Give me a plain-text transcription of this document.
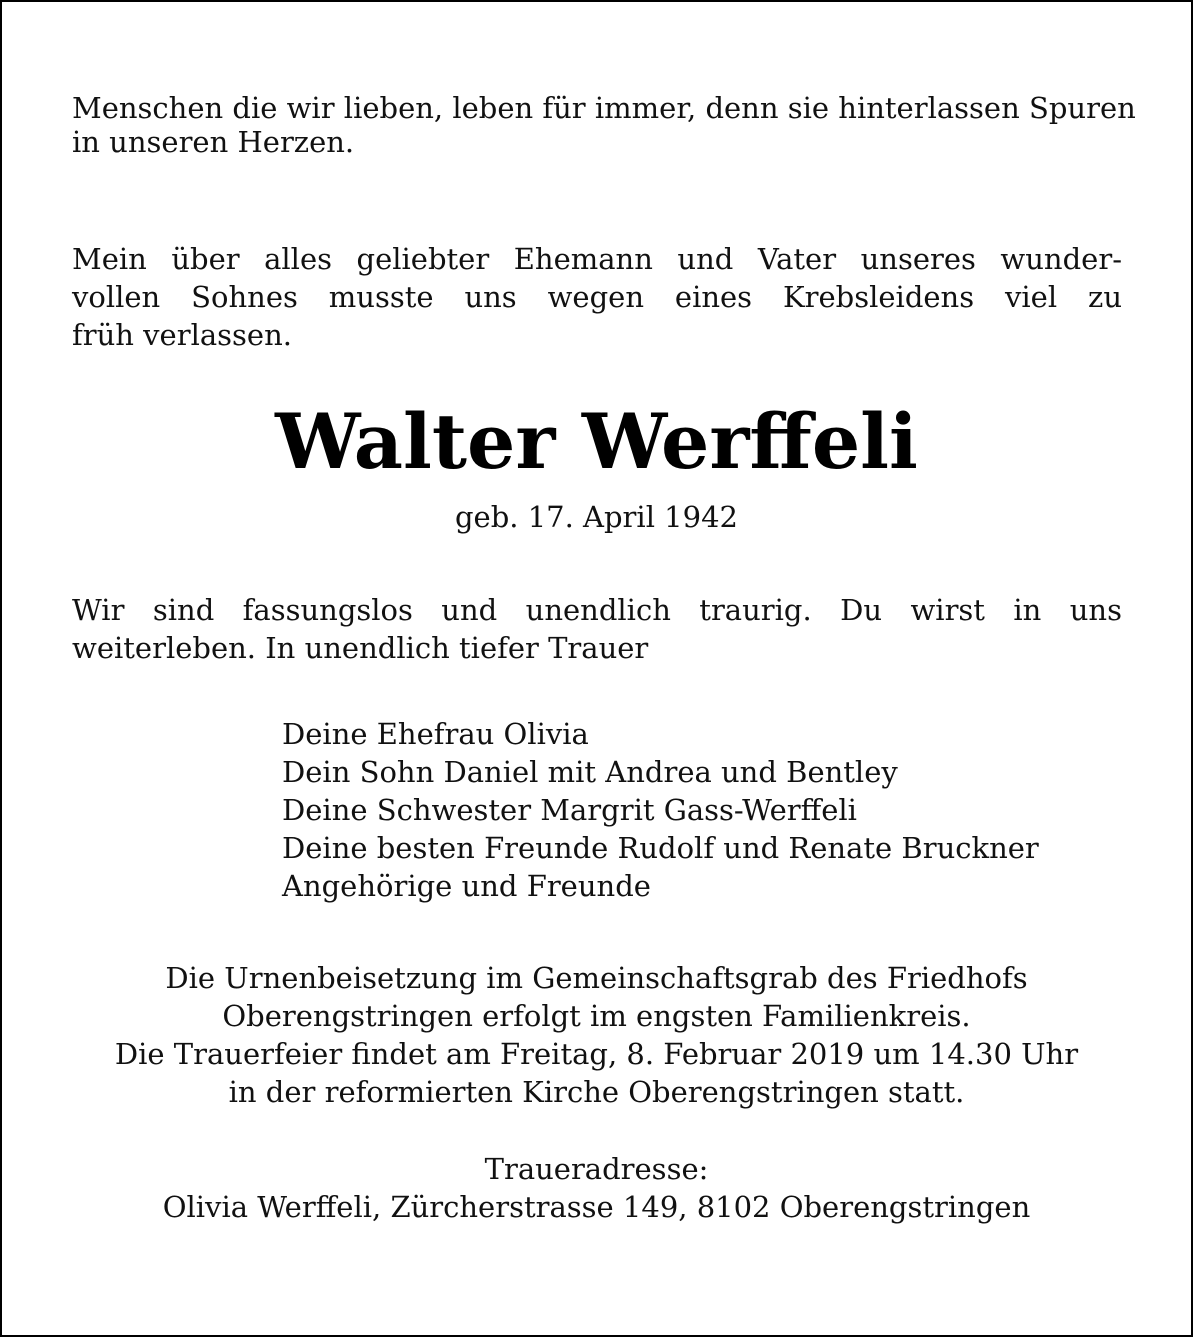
Menschen die wir lieben, leben für immer, denn sie hinterlassen Spuren
in unseren Herzen.

Mein über alles geliebter Ehemann und Vater unseres wunder-
vollen Sohnes musste uns wegen eines Krebsleidens viel zu
früh verlassen.

Walter Werffeli
geb. 17. April 1942

Wir sind fassungslos und unendlich traurig. Du wirst in uns
weiterleben. In unendlich tiefer Trauer

Deine Ehefrau Olivia
Dein Sohn Daniel mit Andrea und Bentley
Deine Schwester Margrit Gass-Werffeli
Deine besten Freunde Rudolf und Renate Bruckner
Angehörige und Freunde
Die Urnenbeisetzung im Gemeinschaftsgrab des Friedhofs
Oberengstringen erfolgt im engsten Familienkreis.
Die Trauerfeier findet am Freitag, 8. Februar 2019 um 14.30 Uhr
in der reformierten Kirche Oberengstringen statt.
Traueradresse:
Olivia Werffeli, Zürcherstrasse 149, 8102 Oberengstringen
